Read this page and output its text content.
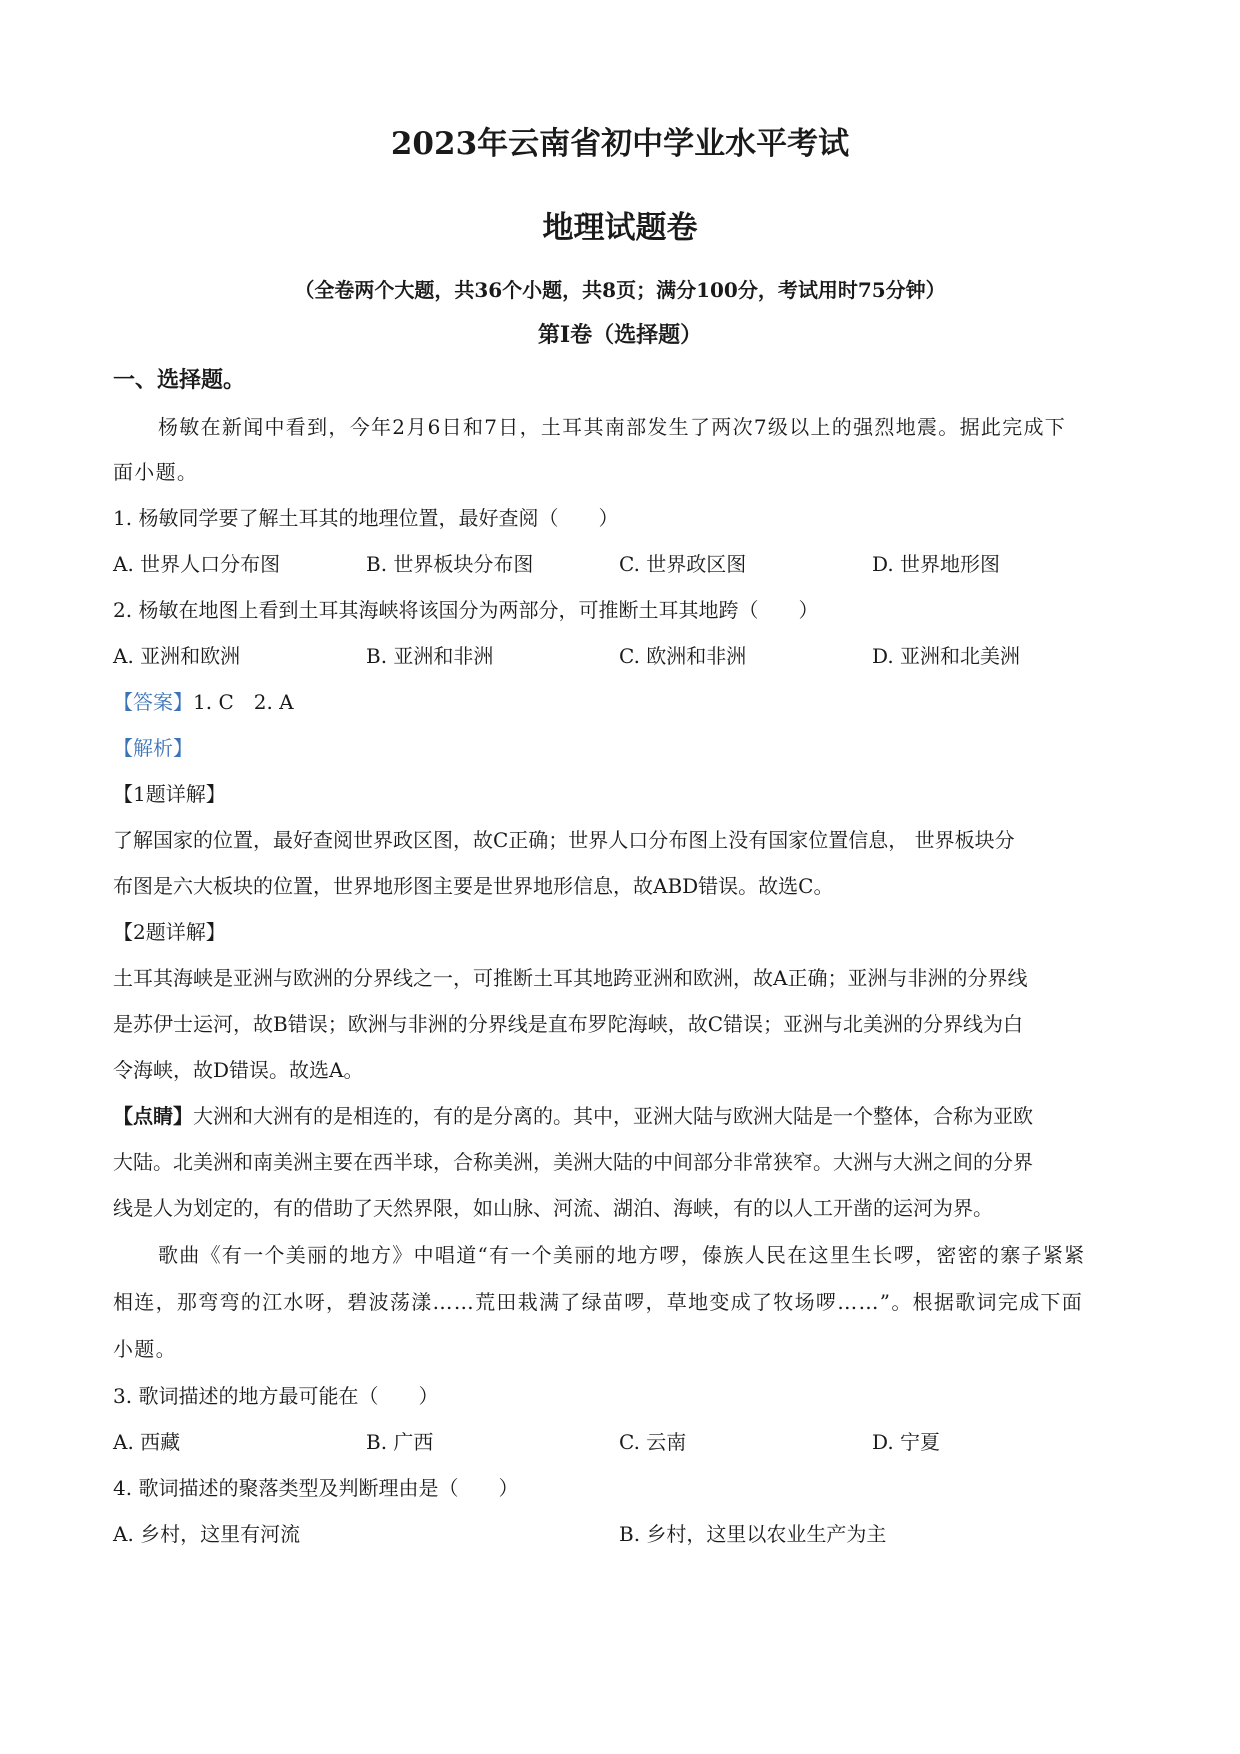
2023年云南省初中学业水平考试
地理试题卷
（全卷两个大题，共36个小题，共8页；满分100分，考试用时75分钟）
第Ⅰ卷（选择题）
一、选择题。
杨敏在新闻中看到，今年2月6日和7日，土耳其南部发生了两次7级以上的强烈地震。据此完成下
面小题。
1. 杨敏同学要了解土耳其的地理位置，最好查阅（　　）
A. 世界人口分布图	B. 世界板块分布图	C. 世界政区图	D. 世界地形图
2. 杨敏在地图上看到土耳其海峡将该国分为两部分，可推断土耳其地跨（　　）
A. 亚洲和欧洲	B. 亚洲和非洲	C. 欧洲和非洲	D. 亚洲和北美洲
【答案】1. C　2. A
【解析】
【1题详解】
了解国家的位置，最好查阅世界政区图，故C正确；世界人口分布图上没有国家位置信息， 世界板块分
布图是六大板块的位置，世界地形图主要是世界地形信息，故ABD错误。故选C。
【2题详解】
土耳其海峡是亚洲与欧洲的分界线之一，可推断土耳其地跨亚洲和欧洲，故A正确；亚洲与非洲的分界线
是苏伊士运河，故B错误；欧洲与非洲的分界线是直布罗陀海峡，故C错误；亚洲与北美洲的分界线为白
令海峡，故D错误。故选A。
【点睛】大洲和大洲有的是相连的，有的是分离的。其中，亚洲大陆与欧洲大陆是一个整体，合称为亚欧
大陆。北美洲和南美洲主要在西半球，合称美洲，美洲大陆的中间部分非常狭窄。大洲与大洲之间的分界
线是人为划定的，有的借助了天然界限，如山脉、河流、湖泊、海峡，有的以人工开凿的运河为界。
歌曲《有一个美丽的地方》中唱道“有一个美丽的地方啰，傣族人民在这里生长啰，密密的寨子紧紧
相连，那弯弯的江水呀，碧波荡漾……荒田栽满了绿苗啰，草地变成了牧场啰……”。根据歌词完成下面
小题。
3. 歌词描述的地方最可能在（　　）
A. 西藏	B. 广西	C. 云南	D. 宁夏
4. 歌词描述的聚落类型及判断理由是（　　）
A. 乡村，这里有河流	B. 乡村，这里以农业生产为主
